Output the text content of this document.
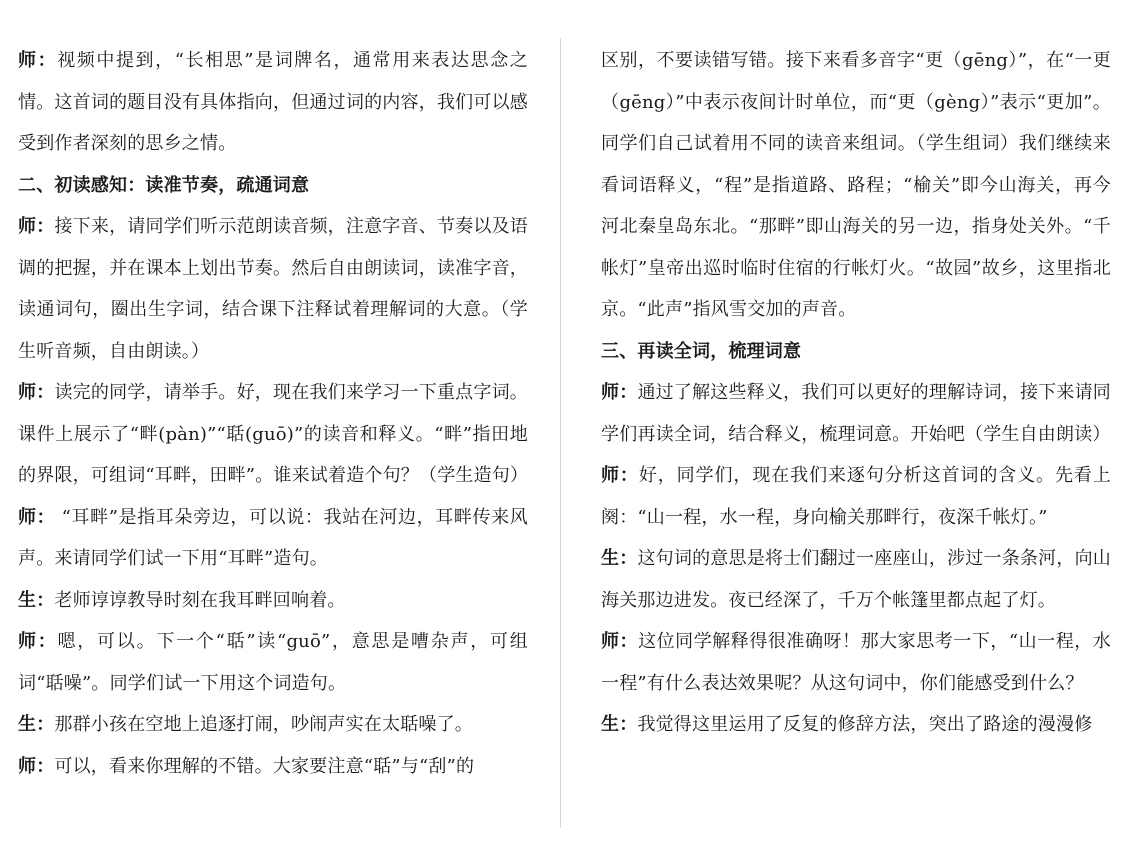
师：视频中提到，“长相思”是词牌名，通常用来表达思念之情。这首词的题目没有具体指向，但通过词的内容，我们可以感受到作者深刻的思乡之情。

二、初读感知：读准节奏，疏通词意

师：接下来，请同学们听示范朗读音频，注意字音、节奏以及语调的把握，并在课本上划出节奏。然后自由朗读词，读准字音，读通词句，圈出生字词，结合课下注释试着理解词的大意。（学生听音频，自由朗读。）

师：读完的同学，请举手。好，现在我们来学习一下重点字词。课件上展示了“畔(pàn)”“聒(guō)”的读音和释义。“畔”指田地的界限，可组词“耳畔，田畔”。谁来试着造个句？（学生造句）

师： “耳畔”是指耳朵旁边，可以说：我站在河边，耳畔传来风声。来请同学们试一下用“耳畔”造句。

生：老师谆谆教导时刻在我耳畔回响着。

师：嗯，可以。下一个“聒”读“guō”，意思是嘈杂声，可组词“聒噪”。同学们试一下用这个词造句。

生：那群小孩在空地上追逐打闹，吵闹声实在太聒噪了。

师：可以，看来你理解的不错。大家要注意“聒”与“刮”的

区别，不要读错写错。接下来看多音字“更（gēng）”，在“一更（gēng）”中表示夜间计时单位，而“更（gèng）”表示“更加”。同学们自己试着用不同的读音来组词。（学生组词）我们继续来看词语释义，“程”是指道路、路程；“榆关”即今山海关，再今河北秦皇岛东北。“那畔”即山海关的另一边，指身处关外。“千帐灯”皇帝出巡时临时住宿的行帐灯火。“故园”故乡，这里指北京。“此声”指风雪交加的声音。

三、再读全词，梳理词意

师：通过了解这些释义，我们可以更好的理解诗词，接下来请同学们再读全词，结合释义，梳理词意。开始吧（学生自由朗读）

师：好，同学们，现在我们来逐句分析这首词的含义。先看上阕：“山一程，水一程，身向榆关那畔行，夜深千帐灯。”

生：这句词的意思是将士们翻过一座座山，涉过一条条河，向山海关那边进发。夜已经深了，千万个帐篷里都点起了灯。

师：这位同学解释得很准确呀！那大家思考一下，“山一程，水一程”有什么表达效果呢？从这句词中，你们能感受到什么？

生：我觉得这里运用了反复的修辞方法，突出了路途的漫漫修
